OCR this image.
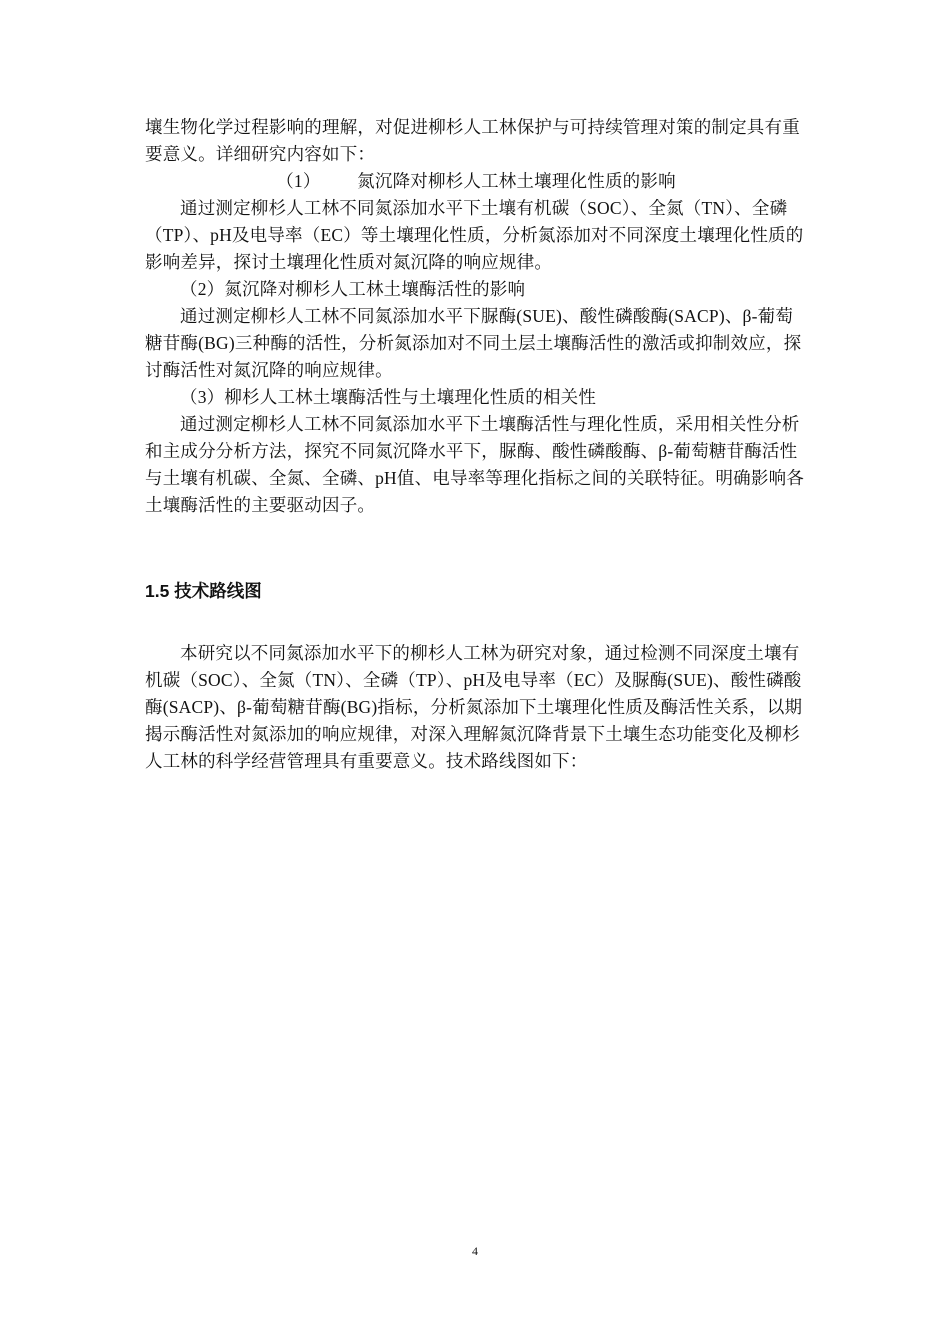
壤生物化学过程影响的理解，对促进柳杉人工林保护与可持续管理对策的制定具有重要意义。详细研究内容如下：

（1）        氮沉降对柳杉人工林土壤理化性质的影响

通过测定柳杉人工林不同氮添加水平下土壤有机碳（SOC）、全氮（TN）、全磷（TP）、pH及电导率（EC）等土壤理化性质，分析氮添加对不同深度土壤理化性质的影响差异，探讨土壤理化性质对氮沉降的响应规律。

（2）氮沉降对柳杉人工林土壤酶活性的影响

通过测定柳杉人工林不同氮添加水平下脲酶(SUE)、酸性磷酸酶(SACP)、β-葡萄糖苷酶(BG)三种酶的活性，分析氮添加对不同土层土壤酶活性的激活或抑制效应，探讨酶活性对氮沉降的响应规律。

（3）柳杉人工林土壤酶活性与土壤理化性质的相关性

通过测定柳杉人工林不同氮添加水平下土壤酶活性与理化性质，采用相关性分析和主成分分析方法，探究不同氮沉降水平下，脲酶、酸性磷酸酶、β-葡萄糖苷酶活性与土壤有机碳、全氮、全磷、pH值、电导率等理化指标之间的关联特征。明确影响各土壤酶活性的主要驱动因子。

1.5 技术路线图

本研究以不同氮添加水平下的柳杉人工林为研究对象，通过检测不同深度土壤有机碳（SOC）、全氮（TN）、全磷（TP）、pH及电导率（EC）及脲酶(SUE)、酸性磷酸酶(SACP)、β-葡萄糖苷酶(BG)指标，分析氮添加下土壤理化性质及酶活性关系，以期揭示酶活性对氮添加的响应规律，对深入理解氮沉降背景下土壤生态功能变化及柳杉人工林的科学经营管理具有重要意义。技术路线图如下：

4
